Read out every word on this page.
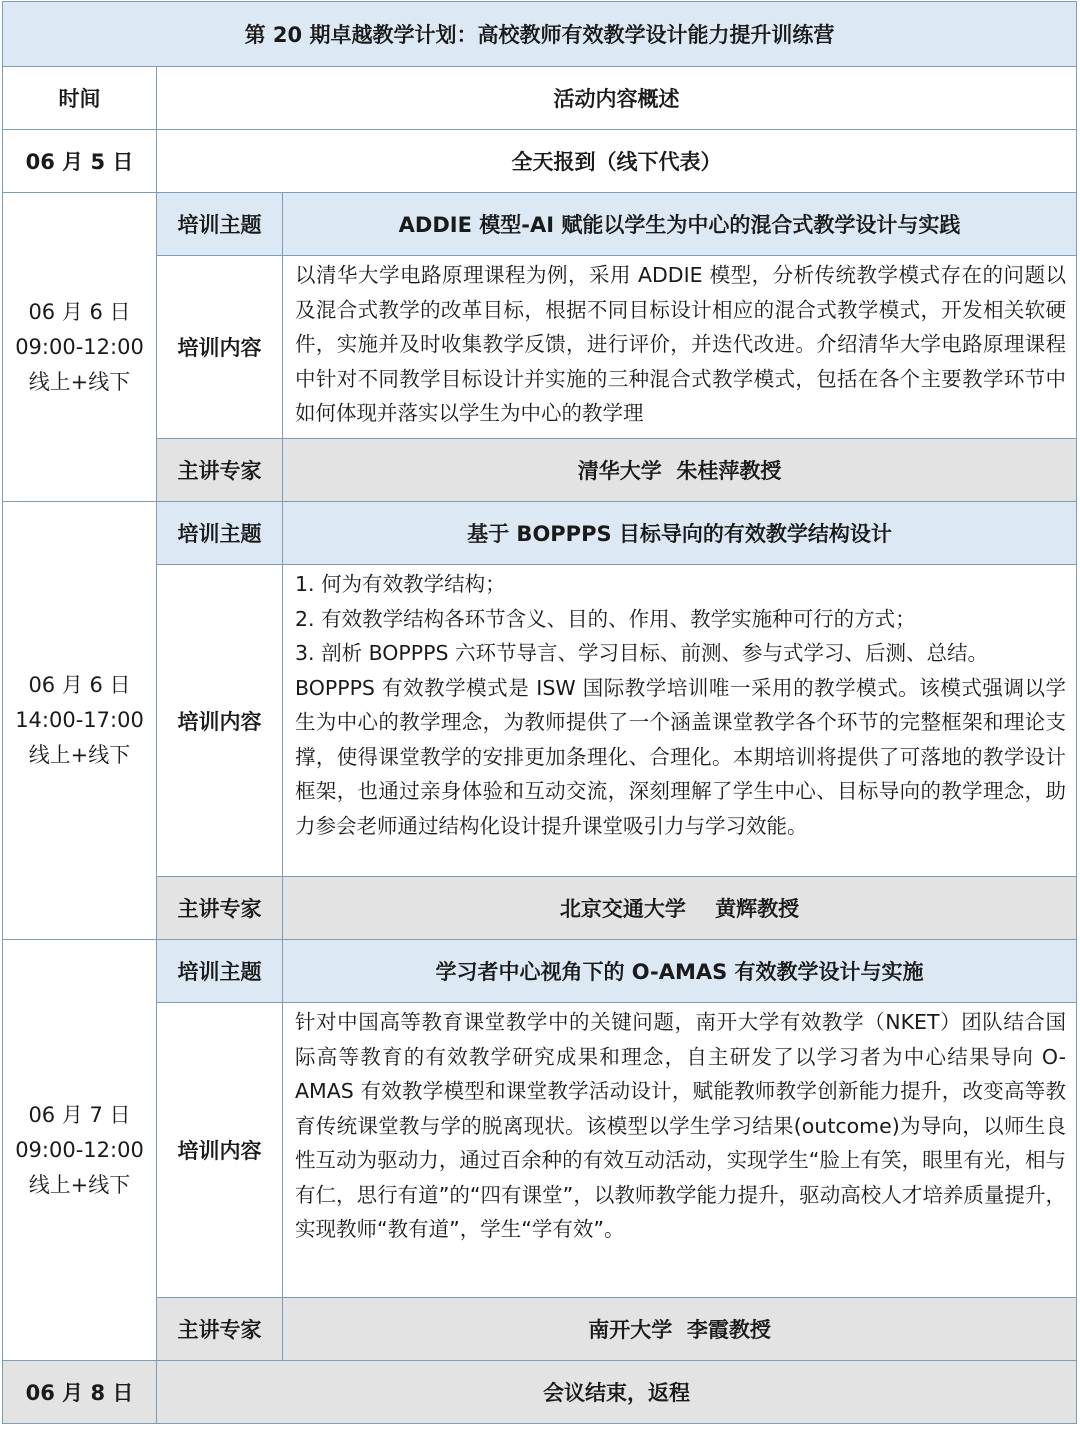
第 20 期卓越教学计划：高校教师有效教学设计能力提升训练营		
时间	活动内容概述	
06 月 5 日	全天报到（线下代表）	

06 月 6 日
09:00-12:00
线上+线下	培训主题	ADDIE 模型-AI 赋能以学生为中心的混合式教学设计与实践
	培训内容	以清华大学电路原理课程为例，采用 ADDIE 模型，分析传统教学模式存在的问题以及混合式教学的改革目标，根据不同目标设计相应的混合式教学模式，开发相关软硬件，实施并及时收集教学反馈，进行评价，并迭代改进。介绍清华大学电路原理课程中针对不同教学目标设计并实施的三种混合式教学模式，包括在各个主要教学环节中如何体现并落实以学生为中心的教学理

	主讲专家	清华大学  朱桂萍教授

06 月 6 日
14:00-17:00
线上+线下	培训主题	基于 BOPPPS 目标导向的有效教学结构设计
	培训内容	1. 何为有效教学结构；

2. 有效教学结构各环节含义、目的、作用、教学实施种可行的方式；

3. 剖析 BOPPPS 六环节导言、学习目标、前测、参与式学习、后测、总结。

BOPPPS 有效教学模式是 ISW 国际教学培训唯一采用的教学模式。该模式强调以学生为中心的教学理念，为教师提供了一个涵盖课堂教学各个环节的完整框架和理论支撑，使得课堂教学的安排更加条理化、合理化。本期培训将提供了可落地的教学设计框架，也通过亲身体验和互动交流，深刻理解了学生中心、目标导向的教学理念，助力参会老师通过结构化设计提升课堂吸引力与学习效能。

	主讲专家	北京交通大学    黄辉教授

06 月 7 日
09:00-12:00
线上+线下	培训主题	学习者中心视角下的 O-AMAS 有效教学设计与实施
	培训内容	针对中国高等教育课堂教学中的关键问题，南开大学有效教学（NKET）团队结合国际高等教育的有效教学研究成果和理念，自主研发了以学习者为中心结果导向 O-AMAS 有效教学模型和课堂教学活动设计，赋能教师教学创新能力提升，改变高等教育传统课堂教与学的脱离现状。该模型以学生学习结果(outcome)为导向，以师生良性互动为驱动力，通过百余种的有效互动活动，实现学生“脸上有笑，眼里有光，相与有仁，思行有道”的“四有课堂”，以教师教学能力提升，驱动高校人才培养质量提升，实现教师“教有道”，学生“学有效”。

	主讲专家	南开大学  李霞教授
06 月 8 日	会议结束，返程	
